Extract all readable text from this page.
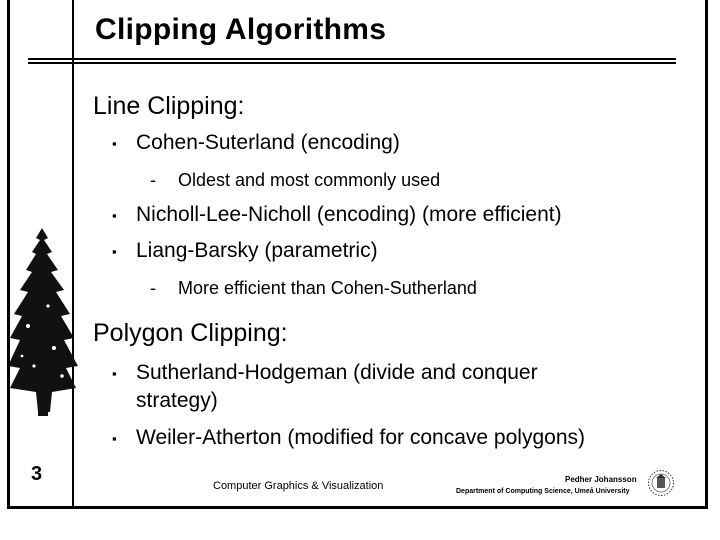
Clipping Algorithms
3
Line Clipping:
▪ Cohen-Suterland (encoding)
-	Oldest and most commonly used
▪ Nicholl-Lee-Nicholl (encoding) (more efficient)
▪ Liang-Barsky (parametric)
-	More efficient than Cohen-Sutherland
Polygon Clipping:
▪ Sutherland-Hodgeman (divide and conquer
strategy)
▪ Weiler-Atherton (modified for concave polygons)
Computer Graphics & Visualization
Pedher Johansson
Department of Computing Science, Umeå University
